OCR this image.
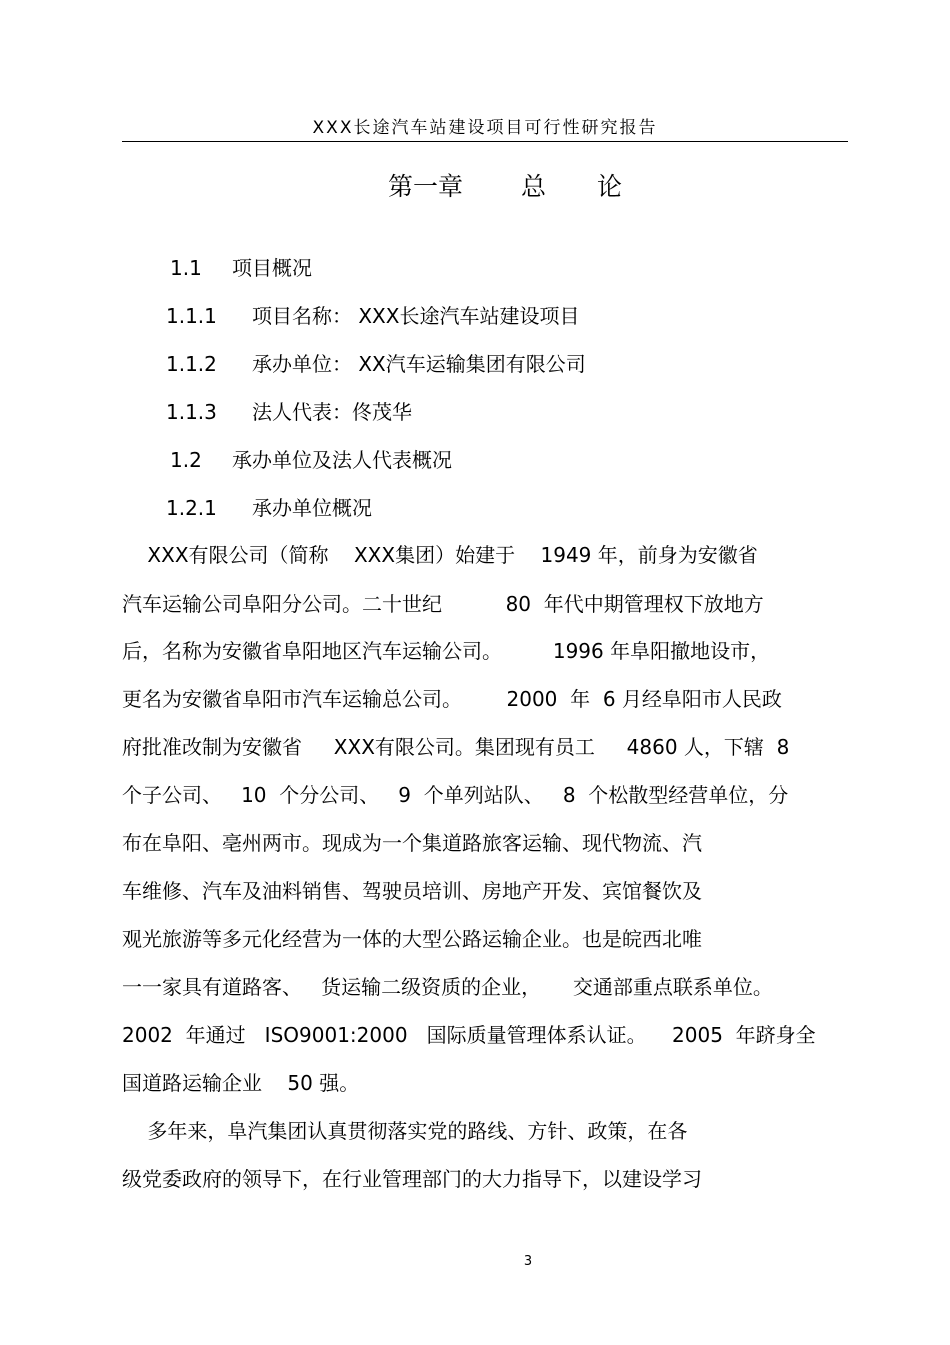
XXX长途汽车站建设项目可行性研究报告
第一章 总 论
1.1 项目概况
1.1.1 项目名称： XXX长途汽车站建设项目
1.1.2 承办单位： XX汽车运输集团有限公司
1.1.3 法人代表：佟茂华
1.2 承办单位及法人代表概况
1.2.1 承办单位概况
XXX有限公司（简称    XXX集团）始建于    1949 年，前身为安徽省
汽车运输公司阜阳分公司。二十世纪          80  年代中期管理权下放地方
后，名称为安徽省阜阳地区汽车运输公司。        1996 年阜阳撤地设市，
更名为安徽省阜阳市汽车运输总公司。       2000  年  6 月经阜阳市人民政
府批准改制为安徽省     XXX有限公司。集团现有员工     4860 人，下辖  8
个子公司、   10  个分公司、   9  个单列站队、   8  个松散型经营单位，分
布在阜阳、亳州两市。现成为一个集道路旅客运输、现代物流、汽
车维修、汽车及油料销售、驾驶员培训、房地产开发、宾馆餐饮及
观光旅游等多元化经营为一体的大型公路运输企业。也是皖西北唯
一一家具有道路客、   货运输二级资质的企业，     交通部重点联系单位。
2002  年通过   ISO9001:2000   国际质量管理体系认证。    2005  年跻身全
国道路运输企业    50 强。
多年来，阜汽集团认真贯彻落实党的路线、方针、政策，在各
级党委政府的领导下，在行业管理部门的大力指导下，以建设学习
3
